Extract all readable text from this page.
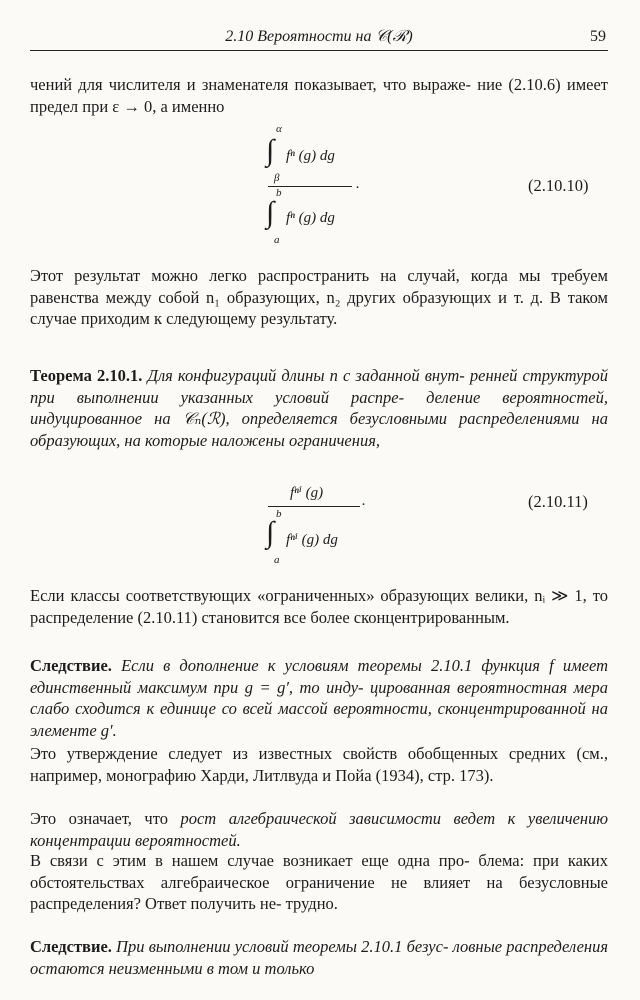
2.10 Вероятности на 𝒞(ℛ)	59

чений для числителя и знаменателя показывает, что выраже- ние (2.10.6) имеет предел при ε → 0, а именно

α
∫ fⁿ (g) dg
β	.
b
∫ fⁿ (g) dg
a
(2.10.10)

Этот результат можно легко распространить на случай, когда мы требуем равенства между собой n₁ образующих, n₂ других образующих и т. д. В таком случае приходим к следующему результату.

Теорема 2.10.1. Для конфигураций длины n с заданной внут- ренней структурой при выполнении указанных условий распре- деление вероятностей, индуцированное на 𝒞ₙ(ℛ), определяется безусловными распределениями на образующих, на которые наложены ограничения,

fⁿⁱ (g)	.
b
∫ fⁿⁱ (g) dg
a
(2.10.11)

Если классы соответствующих «ограниченных» образующих велики, nᵢ ≫ 1, то распределение (2.10.11) становится все более сконцентрированным.

Следствие. Если в дополнение к условиям теоремы 2.10.1 функция f имеет единственный максимум при g = g′, то инду- цированная вероятностная мера слабо сходится к единице со всей массой вероятности, сконцентрированной на элементе g′.

Это утверждение следует из известных свойств обобщенных средних (см., например, монографию Харди, Литлвуда и Пойа (1934), стр. 173).

Это означает, что рост алгебраической зависимости ведет к увеличению концентрации вероятностей.

В связи с этим в нашем случае возникает еще одна про- блема: при каких обстоятельствах алгебраическое ограничение не влияет на безусловные распределения? Ответ получить не- трудно.

Следствие. При выполнении условий теоремы 2.10.1 безус- ловные распределения остаются неизменными в том и только
